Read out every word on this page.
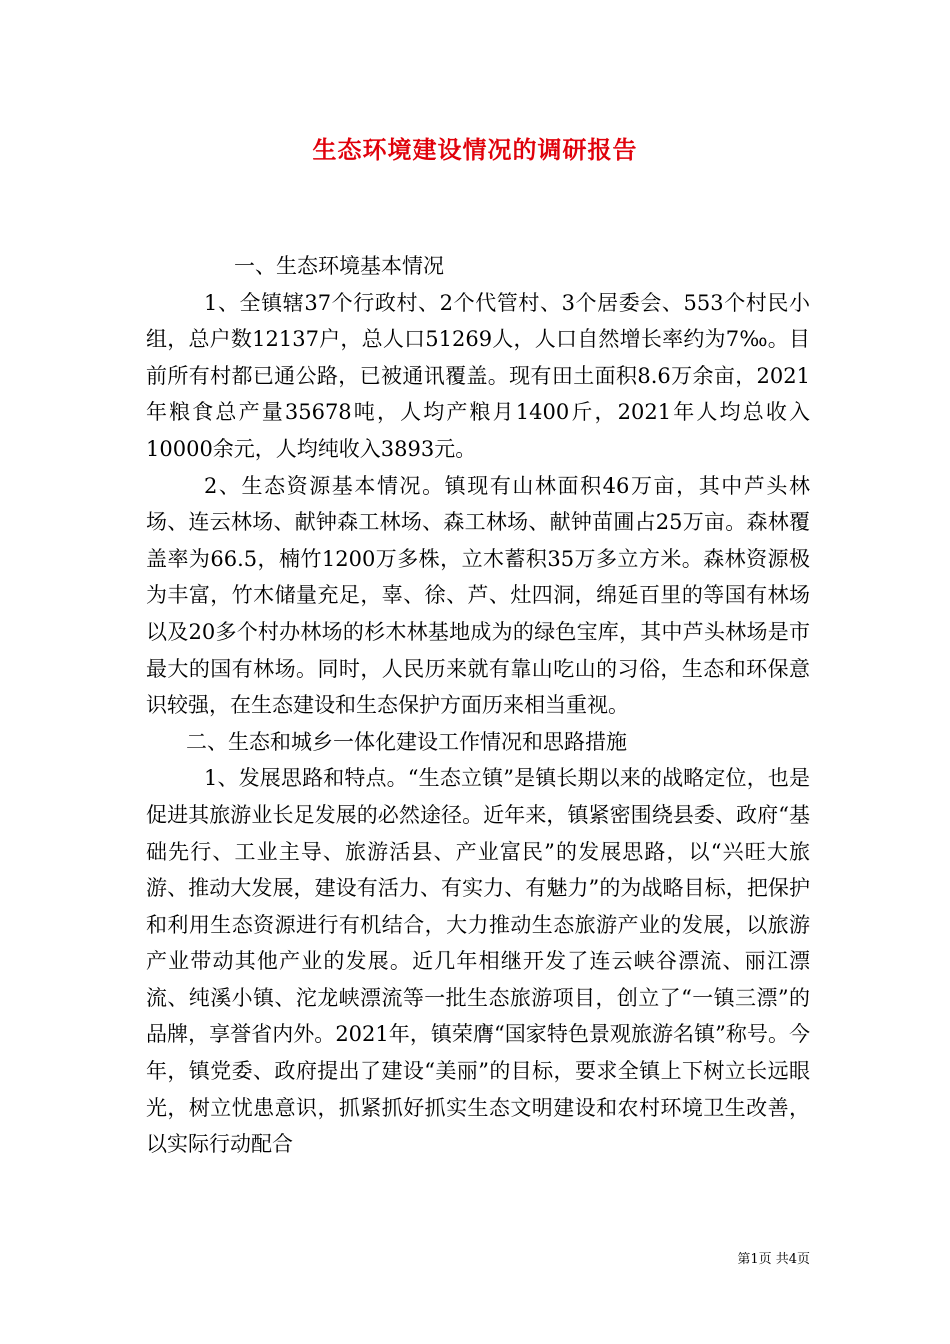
生态环境建设情况的调研报告

一、生态环境基本情况

1、全镇辖37个行政村、2个代管村、3个居委会、553个村民小组，总户数12137户，总人口51269人，人口自然增长率约为7‰。目前所有村都已通公路，已被通讯覆盖。现有田土面积8.6万余亩，2021年粮食总产量35678吨，人均产粮月1400斤，2021年人均总收入10000余元，人均纯收入3893元。

2、生态资源基本情况。镇现有山林面积46万亩，其中芦头林场、连云林场、献钟森工林场、森工林场、献钟苗圃占25万亩。森林覆盖率为66.5，楠竹1200万多株，立木蓄积35万多立方米。森林资源极为丰富，竹木储量充足，辜、徐、芦、灶四洞，绵延百里的等国有林场以及20多个村办林场的杉木林基地成为的绿色宝库，其中芦头林场是市最大的国有林场。同时，人民历来就有靠山吃山的习俗，生态和环保意识较强，在生态建设和生态保护方面历来相当重视。

二、生态和城乡一体化建设工作情况和思路措施

1、发展思路和特点。“生态立镇”是镇长期以来的战略定位，也是促进其旅游业长足发展的必然途径。近年来，镇紧密围绕县委、政府“基础先行、工业主导、旅游活县、产业富民”的发展思路，以“兴旺大旅游、推动大发展，建设有活力、有实力、有魅力”的为战略目标，把保护和利用生态资源进行有机结合，大力推动生态旅游产业的发展，以旅游产业带动其他产业的发展。近几年相继开发了连云峡谷漂流、丽江漂流、纯溪小镇、沱龙峡漂流等一批生态旅游项目，创立了“一镇三漂”的品牌，享誉省内外。2021年，镇荣膺“国家特色景观旅游名镇”称号。今年，镇党委、政府提出了建设“美丽”的目标，要求全镇上下树立长远眼光，树立忧患意识，抓紧抓好抓实生态文明建设和农村环境卫生改善，以实际行动配合

第1页 共4页
